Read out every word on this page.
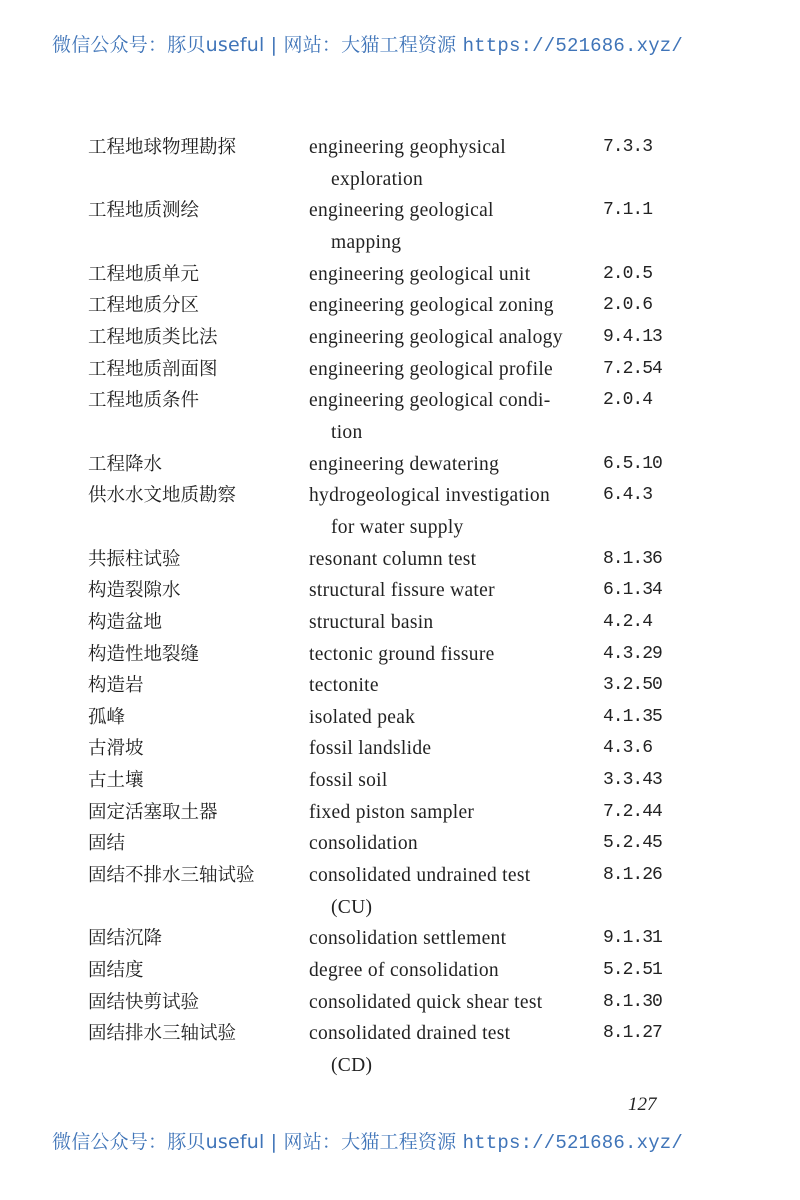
微信公众号：豚贝useful | 网站：大猫工程资源 https://521686.xyz/
工程地球物理勘探	engineering geophysical	7.3.3
exploration
工程地质测绘	engineering geological	7.1.1
mapping
工程地质单元	engineering geological unit	2.0.5
工程地质分区	engineering geological zoning	2.0.6
工程地质类比法	engineering geological analogy 9.4.13
工程地质剖面图	engineering geological profile	7.2.54
工程地质条件	engineering geological condi-	2.0.4
tion
工程降水	engineering dewatering	6.5.10
供水水文地质勘察	hydrogeological investigation	6.4.3
for water supply
共振柱试验	resonant column test	8.1.36
构造裂隙水	structural fissure water	6.1.34
构造盆地	structural basin	4.2.4
构造性地裂缝	tectonic ground fissure	4.3.29
构造岩	tectonite	3.2.50
孤峰	isolated peak	4.1.35
古滑坡	fossil landslide	4.3.6
古土壤	fossil soil	3.3.43
固定活塞取土器	fixed piston sampler	7.2.44
固结	consolidation	5.2.45
固结不排水三轴试验	consolidated undrained test	8.1.26
(CU)
固结沉降	consolidation settlement	9.1.31
固结度	degree of consolidation	5.2.51
固结快剪试验	consolidated quick shear test	8.1.30
固结排水三轴试验	consolidated drained test	8.1.27
(CD)
127
微信公众号：豚贝useful | 网站：大猫工程资源 https://521686.xyz/
